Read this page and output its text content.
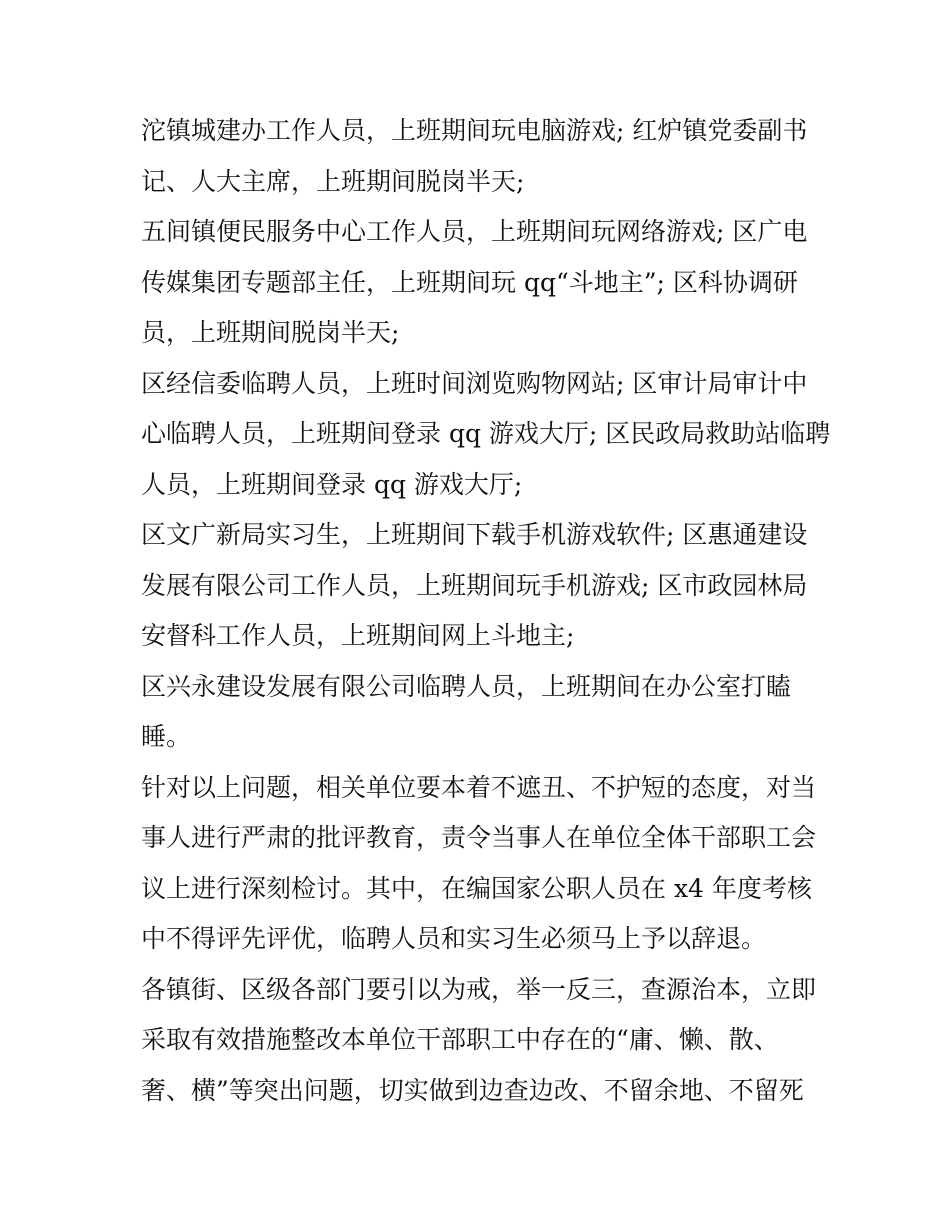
沱镇城建办工作人员，上班期间玩电脑游戏; 红炉镇党委副书
记、人大主席，上班期间脱岗半天;
五间镇便民服务中心工作人员，上班期间玩网络游戏; 区广电
传媒集团专题部主任，上班期间玩 qq“斗地主”; 区科协调研
员，上班期间脱岗半天;
区经信委临聘人员，上班时间浏览购物网站; 区审计局审计中
心临聘人员，上班期间登录 qq 游戏大厅; 区民政局救助站临聘
人员，上班期间登录 qq 游戏大厅;
区文广新局实习生，上班期间下载手机游戏软件; 区惠通建设
发展有限公司工作人员，上班期间玩手机游戏; 区市政园林局
安督科工作人员，上班期间网上斗地主;
区兴永建设发展有限公司临聘人员，上班期间在办公室打瞌
睡。
针对以上问题，相关单位要本着不遮丑、不护短的态度，对当
事人进行严肃的批评教育，责令当事人在单位全体干部职工会
议上进行深刻检讨。其中，在编国家公职人员在 x4 年度考核
中不得评先评优，临聘人员和实习生必须马上予以辞退。
各镇街、区级各部门要引以为戒，举一反三，查源治本，立即
采取有效措施整改本单位干部职工中存在的“庸、懒、散、
奢、横”等突出问题，切实做到边查边改、不留余地、不留死
